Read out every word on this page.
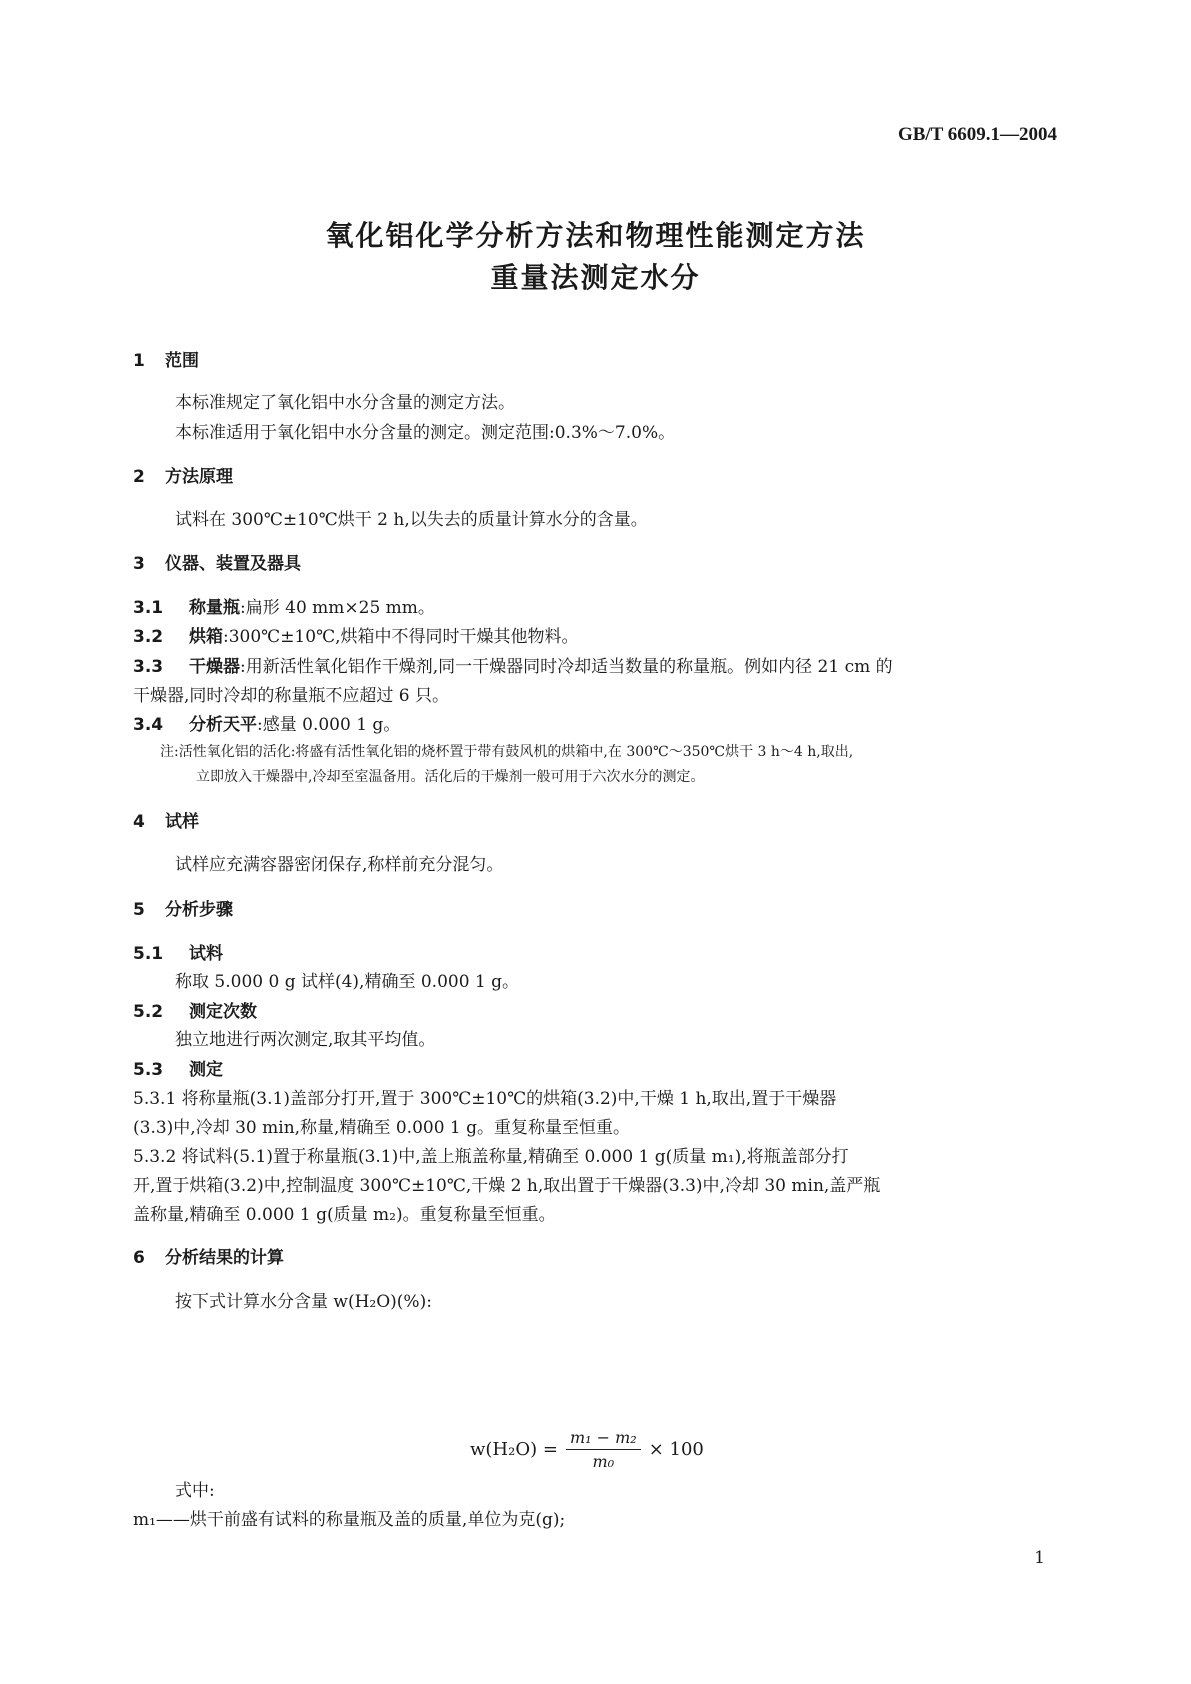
GB/T 6609.1—2004
氧化铝化学分析方法和物理性能测定方法
重量法测定水分
1 范围
本标准规定了氧化铝中水分含量的测定方法。
本标准适用于氧化铝中水分含量的测定。测定范围:0.3%～7.0%。
2 方法原理
试料在 300℃±10℃烘干 2 h,以失去的质量计算水分的含量。
3 仪器、装置及器具
3.1 称量瓶:扁形 40 mm×25 mm。
3.2 烘箱:300℃±10℃,烘箱中不得同时干燥其他物料。
3.3 干燥器:用新活性氧化铝作干燥剂,同一干燥器同时冷却适当数量的称量瓶。例如内径 21 cm 的
干燥器,同时冷却的称量瓶不应超过 6 只。
3.4 分析天平:感量 0.000 1 g。
注:活性氧化铝的活化:将盛有活性氧化铝的烧杯置于带有鼓风机的烘箱中,在 300℃～350℃烘干 3 h～4 h,取出,
立即放入干燥器中,冷却至室温备用。活化后的干燥剂一般可用于六次水分的测定。
4 试样
试样应充满容器密闭保存,称样前充分混匀。
5 分析步骤
5.1 试料
称取 5.000 0 g 试样(4),精确至 0.000 1 g。
5.2 测定次数
独立地进行两次测定,取其平均值。
5.3 测定
5.3.1 将称量瓶(3.1)盖部分打开,置于 300℃±10℃的烘箱(3.2)中,干燥 1 h,取出,置于干燥器
(3.3)中,冷却 30 min,称量,精确至 0.000 1 g。重复称量至恒重。
5.3.2 将试料(5.1)置于称量瓶(3.1)中,盖上瓶盖称量,精确至 0.000 1 g(质量 m₁),将瓶盖部分打
开,置于烘箱(3.2)中,控制温度 300℃±10℃,干燥 2 h,取出置于干燥器(3.3)中,冷却 30 min,盖严瓶
盖称量,精确至 0.000 1 g(质量 m₂)。重复称量至恒重。
6 分析结果的计算
按下式计算水分含量 w(H₂O)(%):
$w(H_2O) = \frac{\text{m₁ − m₂}}{\text{m₀}} \times 100$
式中:
m₁——烘干前盛有试料的称量瓶及盖的质量,单位为克(g);
1
